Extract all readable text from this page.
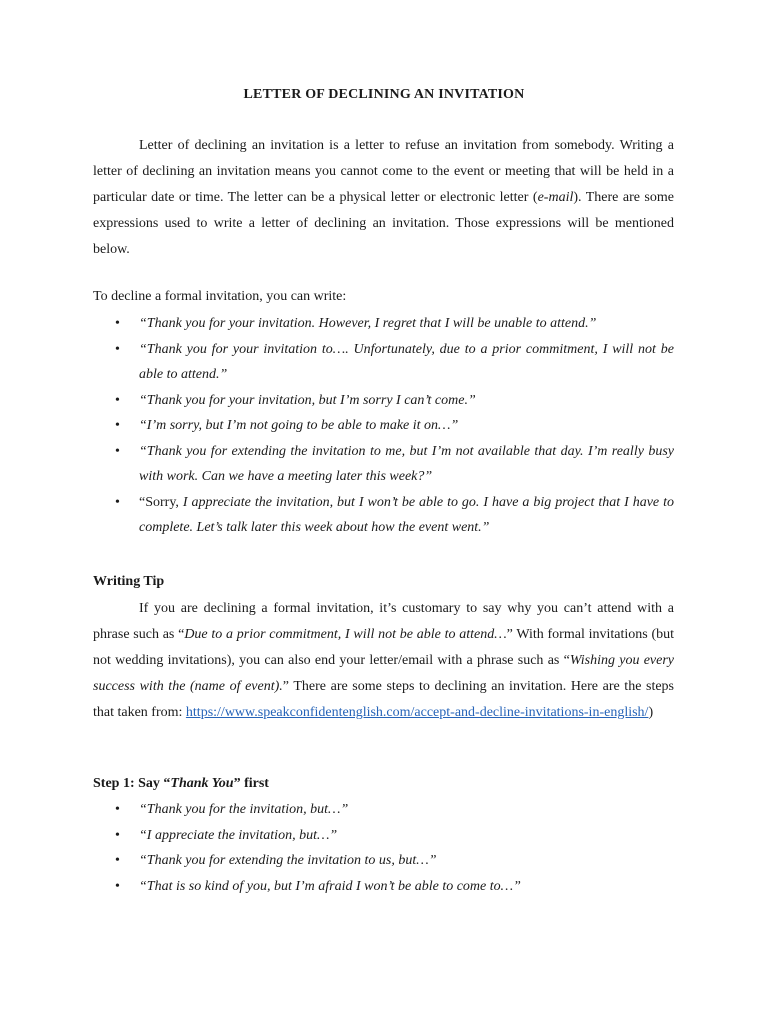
LETTER OF DECLINING AN INVITATION

Letter of declining an invitation is a letter to refuse an invitation from somebody. Writing a letter of declining an invitation means you cannot come to the event or meeting that will be held in a particular date or time. The letter can be a physical letter or electronic letter (e-mail). There are some expressions used to write a letter of declining an invitation. Those expressions will be mentioned below.

To decline a formal invitation, you can write:

• “Thank you for your invitation. However, I regret that I will be unable to attend.”
• “Thank you for your invitation to…. Unfortunately, due to a prior commitment, I will not be able to attend.”
• “Thank you for your invitation, but I’m sorry I can’t come.”
• “I’m sorry, but I’m not going to be able to make it on…”
• “Thank you for extending the invitation to me, but I’m not available that day. I’m really busy with work. Can we have a meeting later this week?”
• “Sorry, I appreciate the invitation, but I won’t be able to go. I have a big project that I have to complete. Let’s talk later this week about how the event went.”

Writing Tip

If you are declining a formal invitation, it’s customary to say why you can’t attend with a phrase such as “Due to a prior commitment, I will not be able to attend…” With formal invitations (but not wedding invitations), you can also end your letter/email with a phrase such as “Wishing you every success with the (name of event).” There are some steps to declining an invitation. Here are the steps that taken from: https://www.speakconfidentenglish.com/accept-and-decline-invitations-in-english/)

Step 1: Say “Thank You” first

• “Thank you for the invitation, but…”
• “I appreciate the invitation, but…”
• “Thank you for extending the invitation to us, but…”
• “That is so kind of you, but I’m afraid I won’t be able to come to…”
